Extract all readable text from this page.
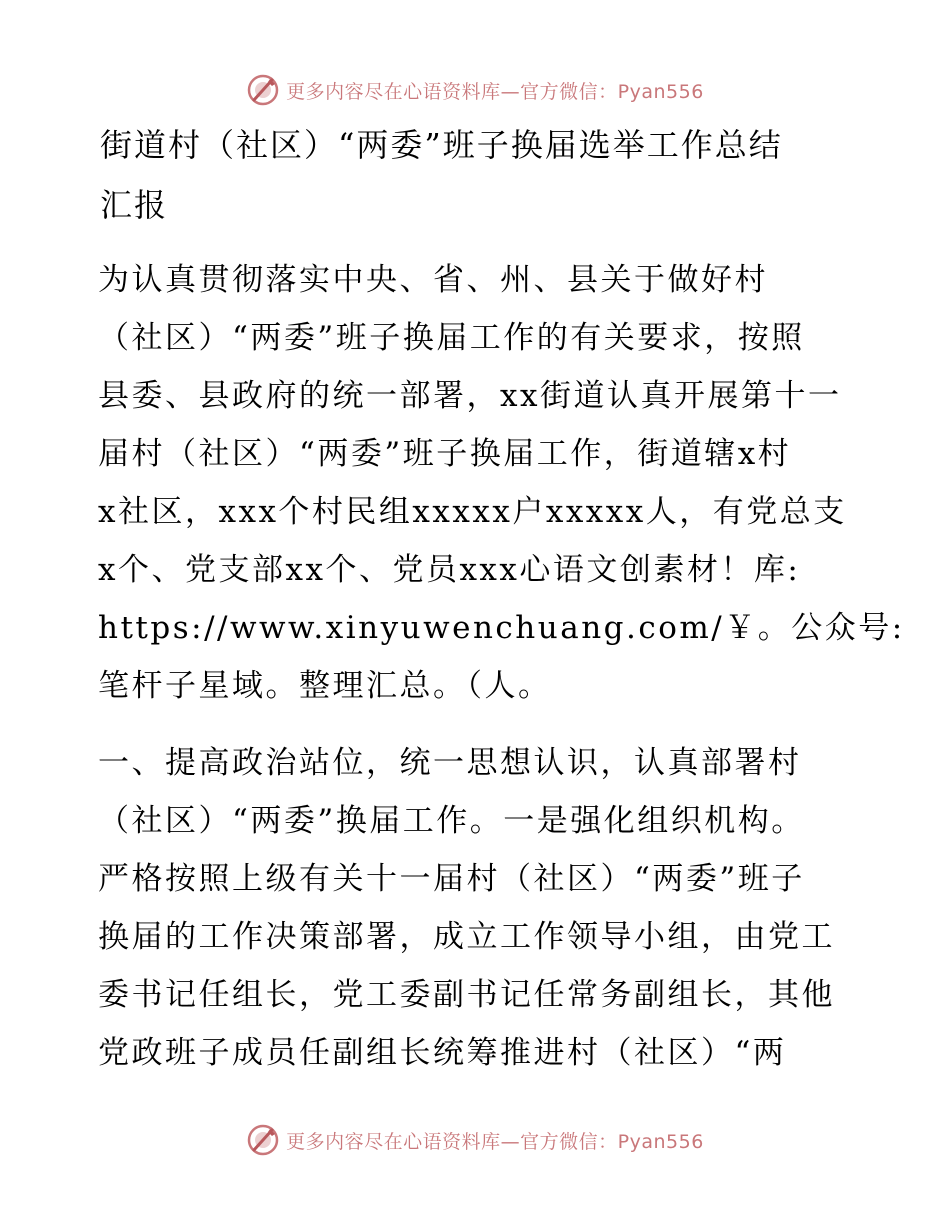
更多内容尽在心语资料库—官方微信：Pyan556
街道村（社区）“两委”班子换届选举工作总结
汇报
为认真贯彻落实中央、省、州、县关于做好村
（社区）“两委”班子换届工作的有关要求，按照
县委、县政府的统一部署，xx街道认真开展第十一
届村（社区）“两委”班子换届工作，街道辖x村
x社区，xxx个村民组xxxxx户xxxxx人，有党总支
x个、党支部xx个、党员xxx心语文创素材！库:
https://www.xinyuwenchuang.com/￥。公众号:
笔杆子星域。整理汇总。（人。
一、提高政治站位，统一思想认识，认真部署村
（社区）“两委”换届工作。一是强化组织机构。
严格按照上级有关十一届村（社区）“两委”班子
换届的工作决策部署，成立工作领导小组，由党工
委书记任组长，党工委副书记任常务副组长，其他
党政班子成员任副组长统筹推进村（社区）“两
更多内容尽在心语资料库—官方微信：Pyan556
